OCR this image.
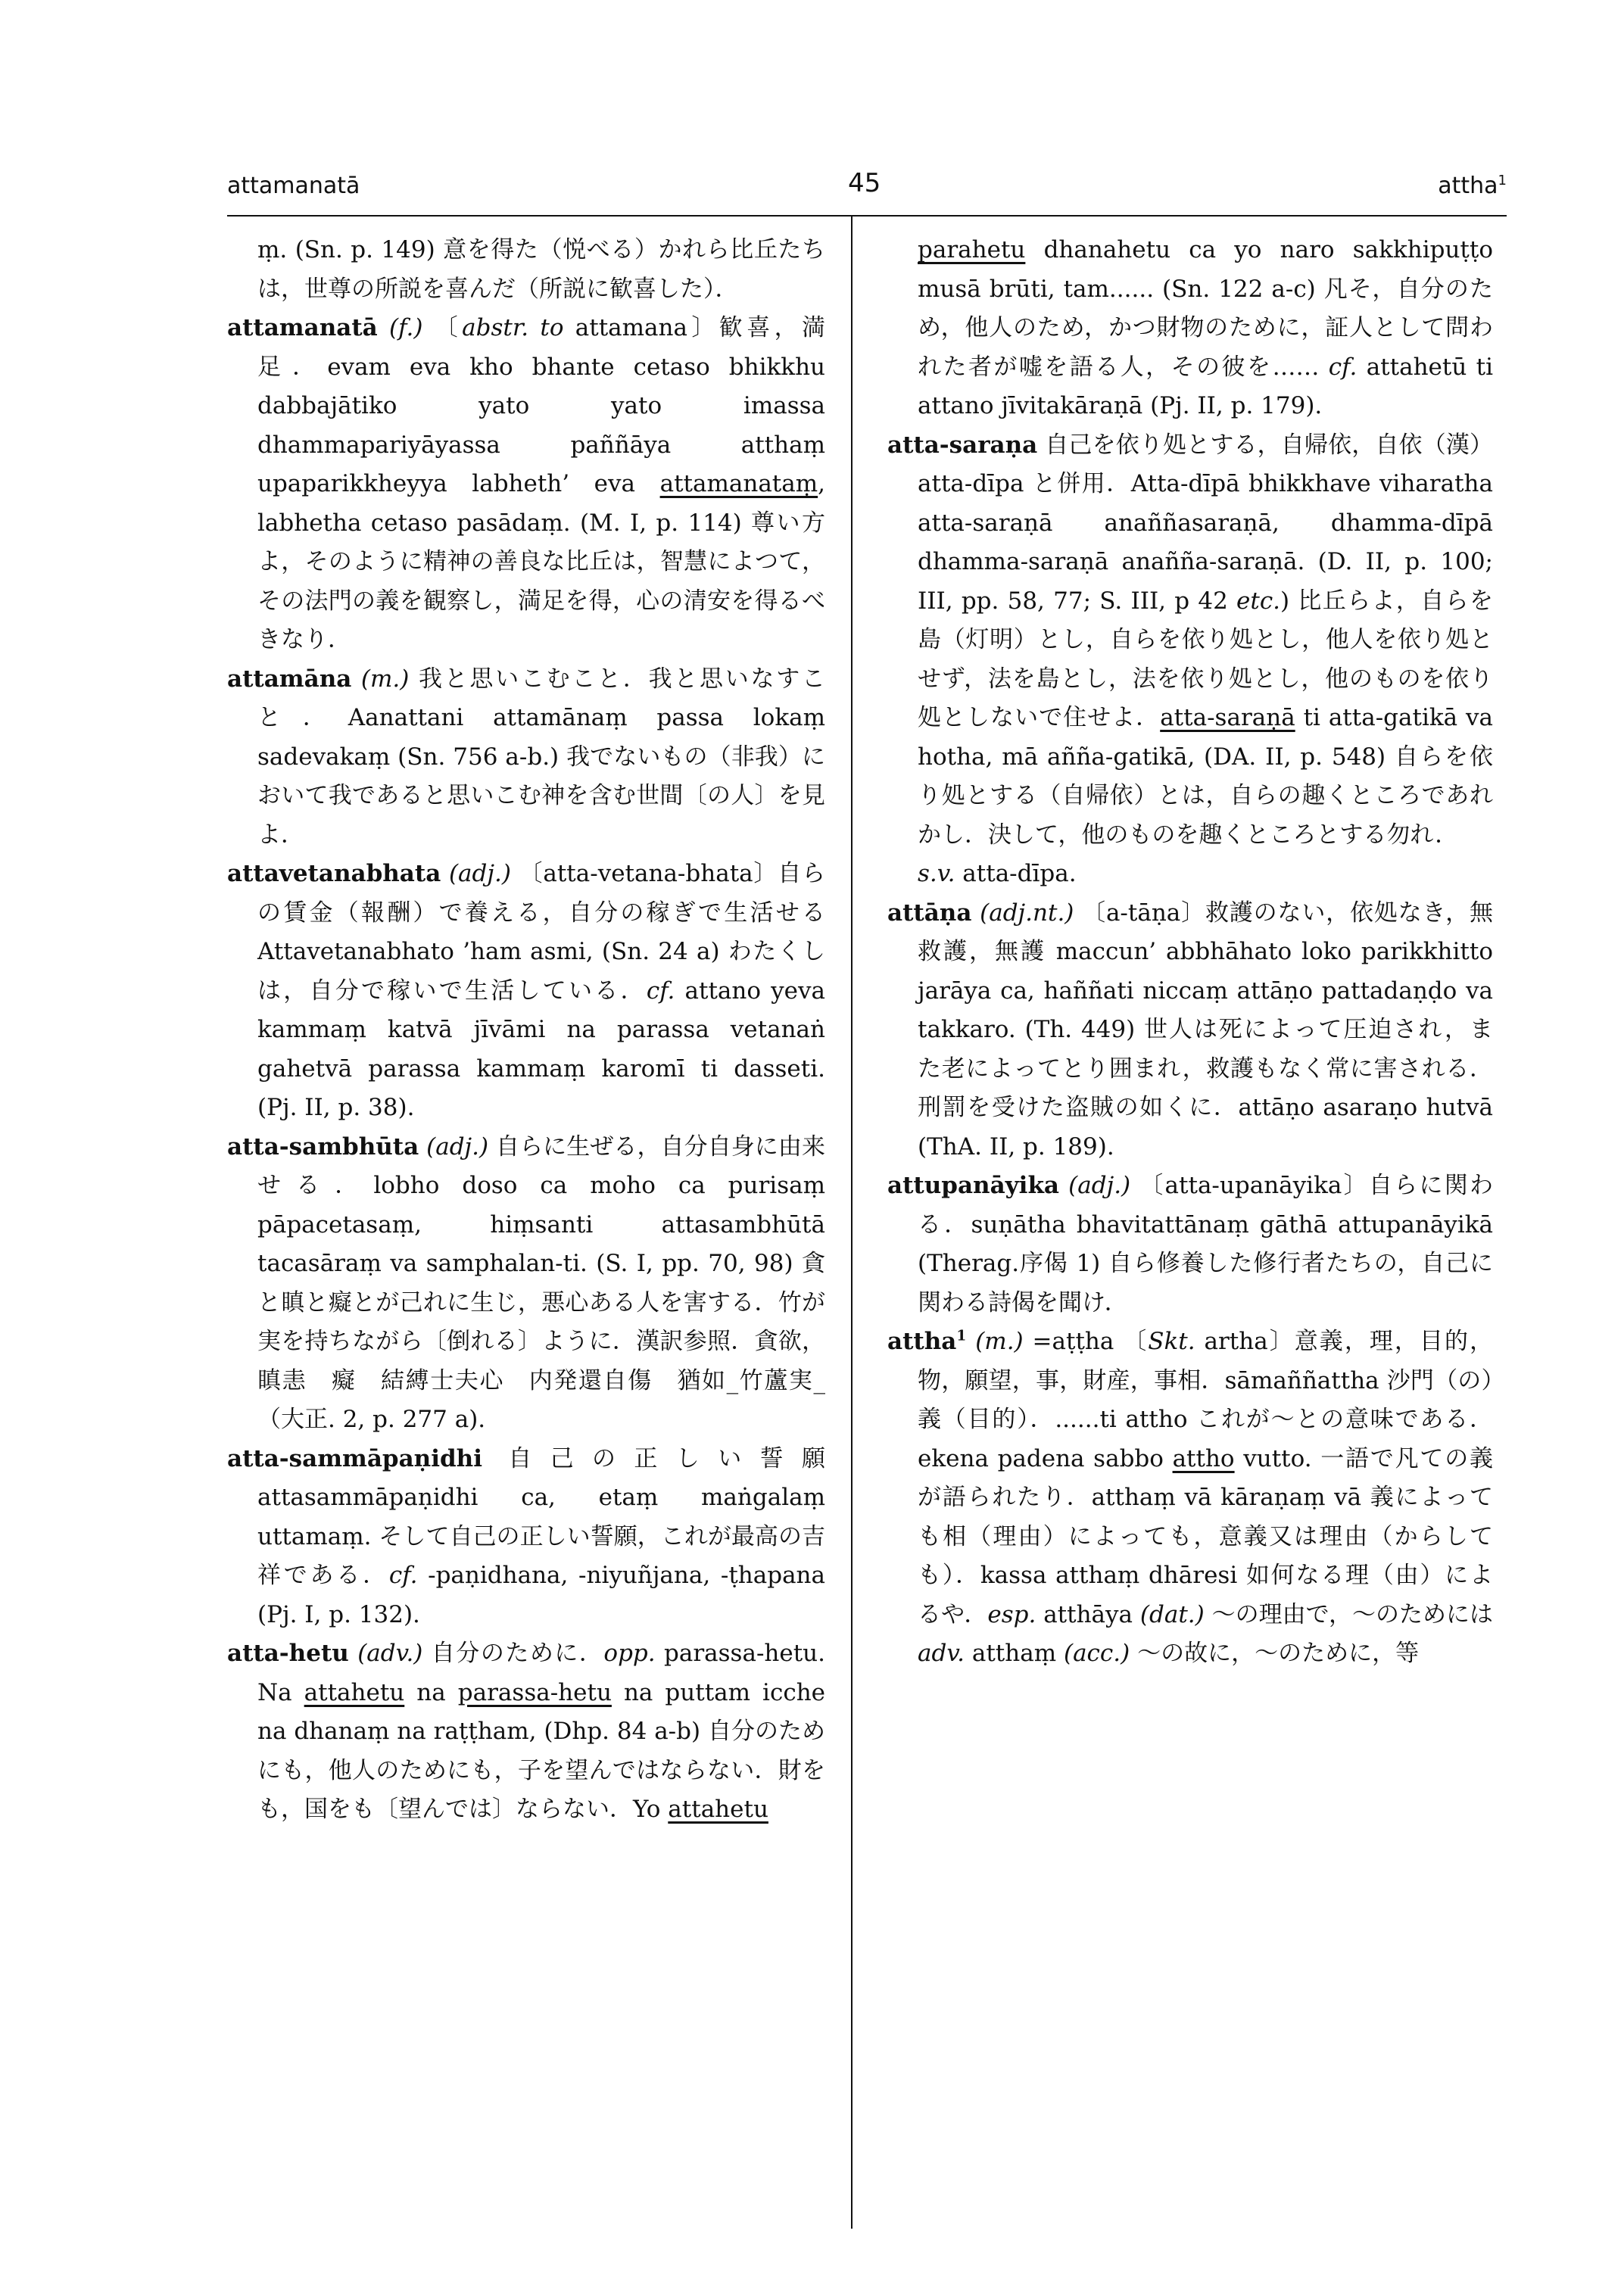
attamanatā	45	attha$^1$

ṃ. (Sn. p. 149) 意を得た（悦べる）かれら比丘たちは，世尊の所説を喜んだ（所説に歓喜した）．

attamanatā (f.) 〔abstr. to attamana〕歓喜，満足．evam eva kho bhante cetaso bhikkhu dabbajātiko yato yato imassa dhammapariyāyassa paññāya atthaṃ upaparikkheyya labheth’ eva attamanataṃ, labhetha cetaso pasādaṃ. (M. I, p. 114) 尊い方よ，そのように精神の善良な比丘は，智慧によつて，その法門の義を観察し，満足を得，心の清安を得るべきなり．

attamāna (m.) 我と思いこむこと．我と思いなすこと．Aanattani attamānaṃ passa lokaṃ sadevakaṃ (Sn. 756 a-b.) 我でないもの（非我）において我であると思いこむ神を含む世間〔の人〕を見よ．

attavetanabhata (adj.) 〔atta-vetana-bhata〕自らの賃金（報酬）で養える，自分の稼ぎで生活せる Attavetanabhato ’ham asmi, (Sn. 24 a) わたくしは，自分で稼いで生活している．cf. attano yeva kammaṃ katvā jīvāmi na parassa vetanaṅ gahetvā parassa kammaṃ karomī ti dasseti. (Pj. II, p. 38).

atta-sambhūta (adj.) 自らに生ぜる，自分自身に由来せる．lobho doso ca moho ca purisaṃ pāpacetasaṃ, hiṃsanti attasambhūtā tacasāraṃ va samphalan-ti. (S. I, pp. 70, 98) 貪と瞋と癡とが己れに生じ，悪心ある人を害する．竹が実を持ちながら〔倒れる〕ように．漢訳参照．貪欲，瞋恚　癡　結縛士夫心　内発還自傷　猶如_竹蘆実_（大正. 2, p. 277 a).

atta-sammāpaṇidhi 自己の正しい誓願 attasammāpaṇidhi ca, etaṃ maṅgalaṃ uttamaṃ. そして自己の正しい誓願，これが最高の吉祥である．cf. -paṇidhana, -niyuñjana, -ṭhapana (Pj. I, p. 132).

atta-hetu (adv.) 自分のために．opp. parassa-hetu. Na attahetu na parassa-hetu na puttam icche na dhanaṃ na raṭṭham, (Dhp. 84 a-b) 自分のためにも，他人のためにも，子を望んではならない．財をも，国をも〔望んでは〕ならない．Yo attahetu

parahetu dhanahetu ca yo naro sakkhipuṭṭo musā brūti, tam...... (Sn. 122 a-c) 凡そ，自分のため，他人のため，かつ財物のために，証人として問われた者が嘘を語る人，その彼を…… cf. attahetū ti attano jīvitakāraṇā (Pj. II, p. 179).

atta-saraṇa 自己を依り処とする，自帰依，自依（漢）atta-dīpa と併用．Atta-dīpā bhikkhave viharatha atta-saraṇā anaññasaraṇā, dhamma-dīpā dhamma-saraṇā anañña-saraṇā. (D. II, p. 100; III, pp. 58, 77; S. III, p 42 etc.) 比丘らよ，自らを島（灯明）とし，自らを依り処とし，他人を依り処とせず，法を島とし，法を依り処とし，他のものを依り処としないで住せよ．atta-saraṇā ti atta-gatikā va hotha, mā añña-gatikā, (DA. II, p. 548) 自らを依り処とする（自帰依）とは，自らの趣くところであれかし．決して，他のものを趣くところとする勿れ．

s.v. atta-dīpa.

attāṇa (adj.nt.) 〔a-tāṇa〕救護のない，依処なき，無救護，無護 maccun’ abbhāhato loko parikkhitto jarāya ca, haññati niccaṃ attāṇo pattadaṇḍo va takkaro. (Th. 449) 世人は死によって圧迫され，また老によってとり囲まれ，救護もなく常に害される．刑罰を受けた盗賊の如くに．attāṇo asaraṇo hutvā (ThA. II, p. 189).

attupanāyika (adj.) 〔atta-upanāyika〕自らに関わる．suṇātha bhavitattānaṃ gāthā attupanāyikā (Therag.序偈 1) 自ら修養した修行者たちの，自己に関わる詩偈を聞け．

attha$^1$ (m.) =aṭṭha 〔Skt. artha〕意義，理，目的，物，願望，事，財産，事相．sāmaññattha 沙門（の）義（目的）．......ti attho これが〜との意味である．ekena padena sabbo attho vutto. 一語で凡ての義が語られたり．atthaṃ vā kāraṇaṃ vā 義によっても相（理由）によっても，意義又は理由（からしても）．kassa atthaṃ dhāresi 如何なる理（由）によるや．esp. atthāya (dat.) 〜の理由で，〜のためには adv. atthaṃ (acc.) 〜の故に，〜のために，等
